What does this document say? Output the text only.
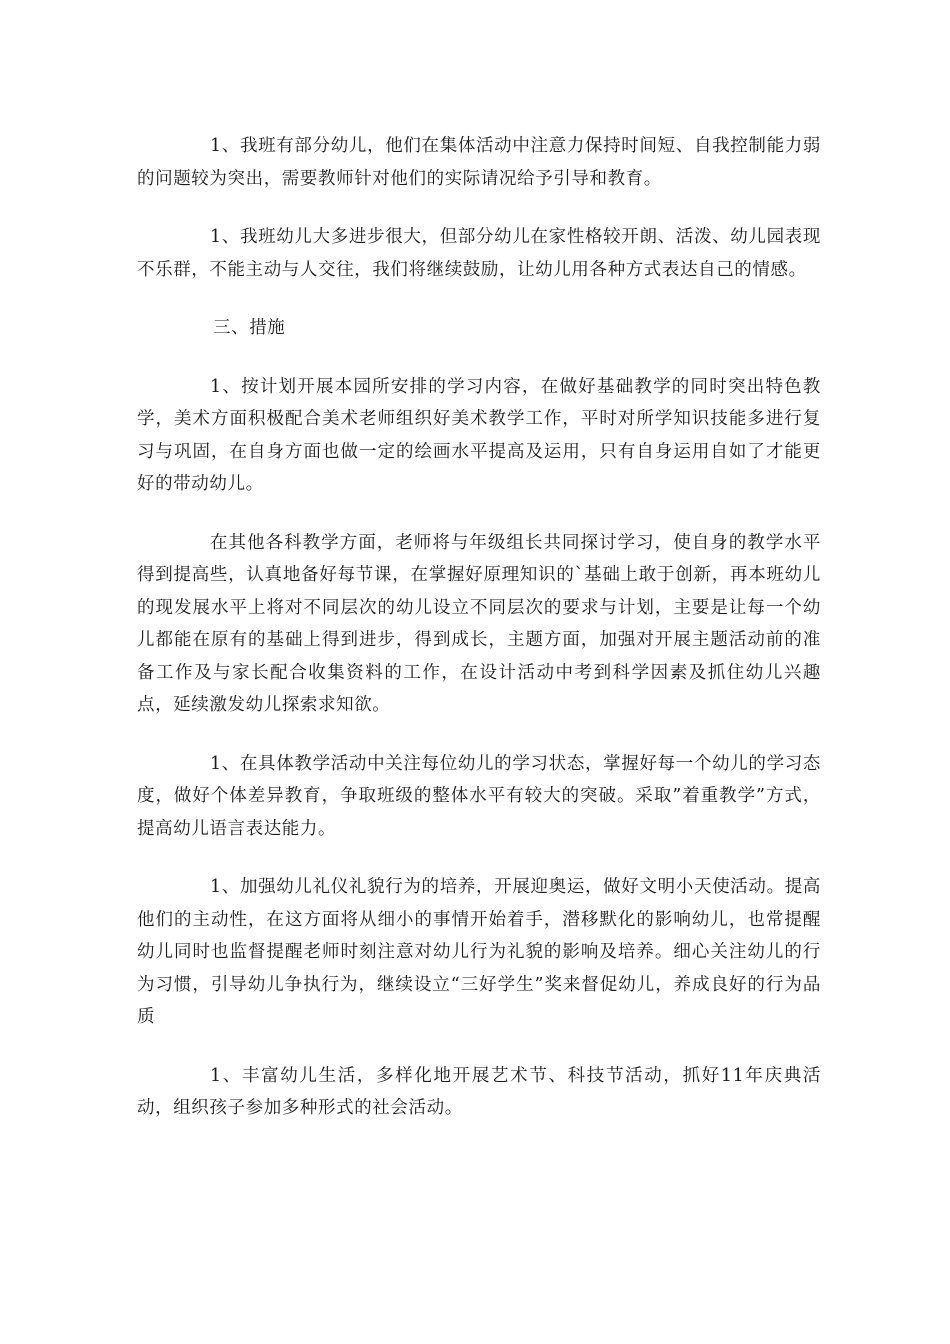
1、我班有部分幼儿，他们在集体活动中注意力保持时间短、自我控制能力弱的问题较为突出，需要教师针对他们的实际请况给予引导和教育。

1、我班幼儿大多进步很大，但部分幼儿在家性格较开朗、活泼、幼儿园表现不乐群，不能主动与人交往，我们将继续鼓励，让幼儿用各种方式表达自己的情感。

三、措施

1、按计划开展本园所安排的学习内容，在做好基础教学的同时突出特色教学，美术方面积极配合美术老师组织好美术教学工作，平时对所学知识技能多进行复习与巩固，在自身方面也做一定的绘画水平提高及运用，只有自身运用自如了才能更好的带动幼儿。

在其他各科教学方面，老师将与年级组长共同探讨学习，使自身的教学水平得到提高些，认真地备好每节课，在掌握好原理知识的`基础上敢于创新，再本班幼儿的现发展水平上将对不同层次的幼儿设立不同层次的要求与计划，主要是让每一个幼儿都能在原有的基础上得到进步，得到成长，主题方面，加强对开展主题活动前的准备工作及与家长配合收集资料的工作，在设计活动中考到科学因素及抓住幼儿兴趣点，延续激发幼儿探索求知欲。

1、在具体教学活动中关注每位幼儿的学习状态，掌握好每一个幼儿的学习态度，做好个体差异教育，争取班级的整体水平有较大的突破。采取”着重教学”方式，提高幼儿语言表达能力。

1、加强幼儿礼仪礼貌行为的培养，开展迎奥运，做好文明小天使活动。提高他们的主动性，在这方面将从细小的事情开始着手，潜移默化的影响幼儿，也常提醒幼儿同时也监督提醒老师时刻注意对幼儿行为礼貌的影响及培养。细心关注幼儿的行为习惯，引导幼儿争执行为，继续设立“三好学生”奖来督促幼儿，养成良好的行为品质

1、丰富幼儿生活，多样化地开展艺术节、科技节活动，抓好11年庆典活动，组织孩子参加多种形式的社会活动。
